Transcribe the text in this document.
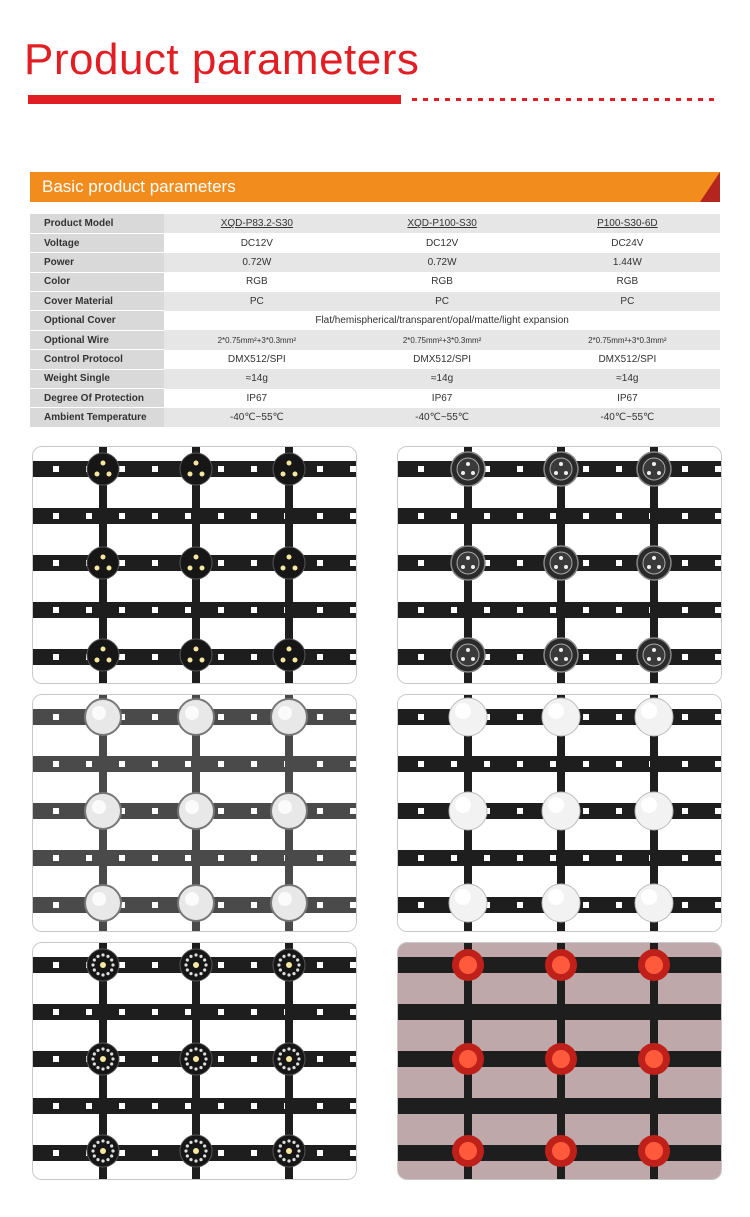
Product parameters
Basic product parameters
Product Model	XQD-P83.2-S30	XQD-P100-S30	P100-S30-6D
Voltage	DC12V	DC12V	DC24V
Power	0.72W	0.72W	1.44W
Color	RGB	RGB	RGB
Cover Material	PC	PC	PC
Optional Cover	Flat/hemispherical/transparent/opal/matte/light expansion		
Optional Wire	2*0.75mm²+3*0.3mm²	2*0.75mm²+3*0.3mm²	2*0.75mm²+3*0.3mm²
Control Protocol	DMX512/SPI	DMX512/SPI	DMX512/SPI
Weight Single	≈14g	≈14g	≈14g
Degree Of Protection	IP67	IP67	IP67
Ambient Temperature	-40℃~55℃	-40℃~55℃	-40℃~55℃
